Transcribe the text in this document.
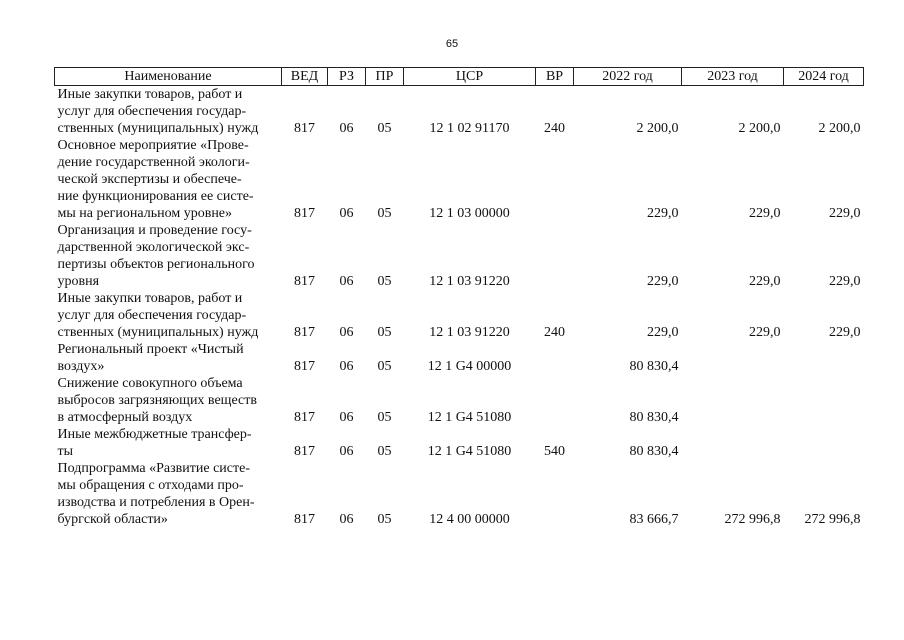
65
Наименование	ВЕД	РЗ	ПР	ЦСР	ВР	2022 год	2023 год	2024 год

Иные закупки товаров, работ и
услуг для обеспечения государ-
ственных (муниципальных) нужд	817	06	05	12 1 02 91170	240	2 200,0	2 200,0	2 200,0

Основное мероприятие «Прове-
дение государственной экологи-
ческой экспертизы и обеспече-
ние функционирования ее систе-
мы на региональном уровне»	817	06	05	12 1 03 00000		229,0	229,0	229,0

Организация и проведение госу-
дарственной экологической экс-
пертизы объектов регионального
уровня	817	06	05	12 1 03 91220		229,0	229,0	229,0

Иные закупки товаров, работ и
услуг для обеспечения государ-
ственных (муниципальных) нужд	817	06	05	12 1 03 91220	240	229,0	229,0	229,0

Региональный проект «Чистый
воздух»	817	06	05	12 1 G4 00000		80 830,4		

Снижение совокупного объема
выбросов загрязняющих веществ
в атмосферный воздух	817	06	05	12 1 G4 51080		80 830,4		

Иные межбюджетные трансфер-
ты	817	06	05	12 1 G4 51080	540	80 830,4		

Подпрограмма «Развитие систе-
мы обращения с отходами про-
изводства и потребления в Орен-
бургской области»	817	06	05	12 4 00 00000		83 666,7	272 996,8	272 996,8
